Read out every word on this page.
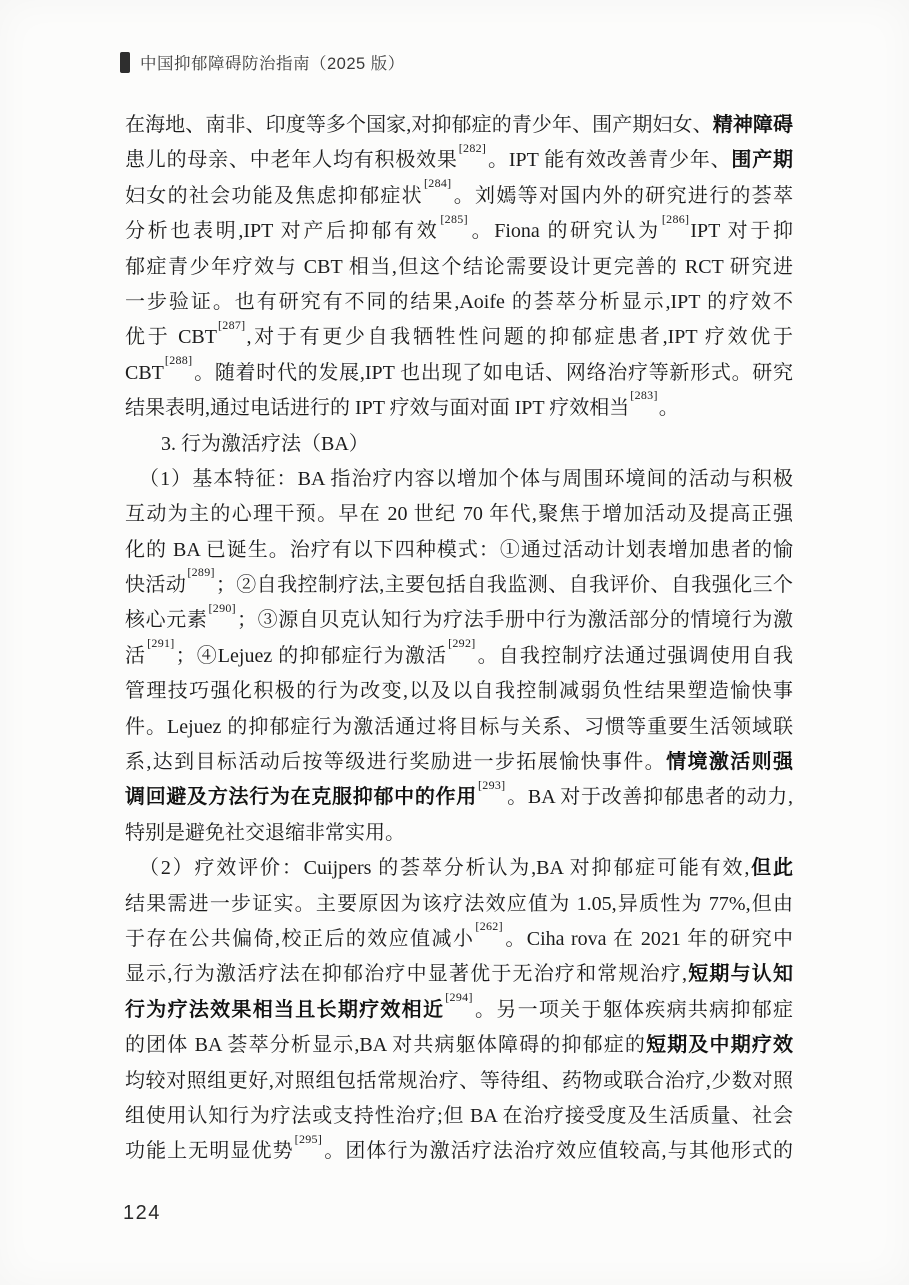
中国抑郁障碍防治指南（2025 版）
在海地、南非、印度等多个国家,对抑郁症的青少年、围产期妇女、精神障碍
患儿的母亲、中老年人均有积极效果[282]。IPT 能有效改善青少年、围产期
妇女的社会功能及焦虑抑郁症状[284]。刘嫣等对国内外的研究进行的荟萃
分析也表明,IPT 对产后抑郁有效[285]。Fiona 的研究认为[286]IPT 对于抑
郁症青少年疗效与 CBT 相当,但这个结论需要设计更完善的 RCT 研究进
一步验证。也有研究有不同的结果,Aoife 的荟萃分析显示,IPT 的疗效不
优于 CBT[287],对于有更少自我牺牲性问题的抑郁症患者,IPT 疗效优于
CBT[288]。随着时代的发展,IPT 也出现了如电话、网络治疗等新形式。研究
结果表明,通过电话进行的 IPT 疗效与面对面 IPT 疗效相当[283]。
3. 行为激活疗法（BA）
（1）基本特征：BA 指治疗内容以增加个体与周围环境间的活动与积极
互动为主的心理干预。早在 20 世纪 70 年代,聚焦于增加活动及提高正强
化的 BA 已诞生。治疗有以下四种模式：①通过活动计划表增加患者的愉
快活动[289]；②自我控制疗法,主要包括自我监测、自我评价、自我强化三个
核心元素[290]；③源自贝克认知行为疗法手册中行为激活部分的情境行为激
活[291]；④Lejuez 的抑郁症行为激活[292]。自我控制疗法通过强调使用自我
管理技巧强化积极的行为改变,以及以自我控制减弱负性结果塑造愉快事
件。Lejuez 的抑郁症行为激活通过将目标与关系、习惯等重要生活领域联
系,达到目标活动后按等级进行奖励进一步拓展愉快事件。情境激活则强
调回避及方法行为在克服抑郁中的作用[293]。BA 对于改善抑郁患者的动力,
特别是避免社交退缩非常实用。
（2）疗效评价：Cuijpers 的荟萃分析认为,BA 对抑郁症可能有效,但此
结果需进一步证实。主要原因为该疗法效应值为 1.05,异质性为 77%,但由
于存在公共偏倚,校正后的效应值减小[262]。Ciha rova 在 2021 年的研究中
显示,行为激活疗法在抑郁治疗中显著优于无治疗和常规治疗,短期与认知
行为疗法效果相当且长期疗效相近[294]。另一项关于躯体疾病共病抑郁症
的团体 BA 荟萃分析显示,BA 对共病躯体障碍的抑郁症的短期及中期疗效
均较对照组更好,对照组包括常规治疗、等待组、药物或联合治疗,少数对照
组使用认知行为疗法或支持性治疗;但 BA 在治疗接受度及生活质量、社会
功能上无明显优势[295]。团体行为激活疗法治疗效应值较高,与其他形式的
124
